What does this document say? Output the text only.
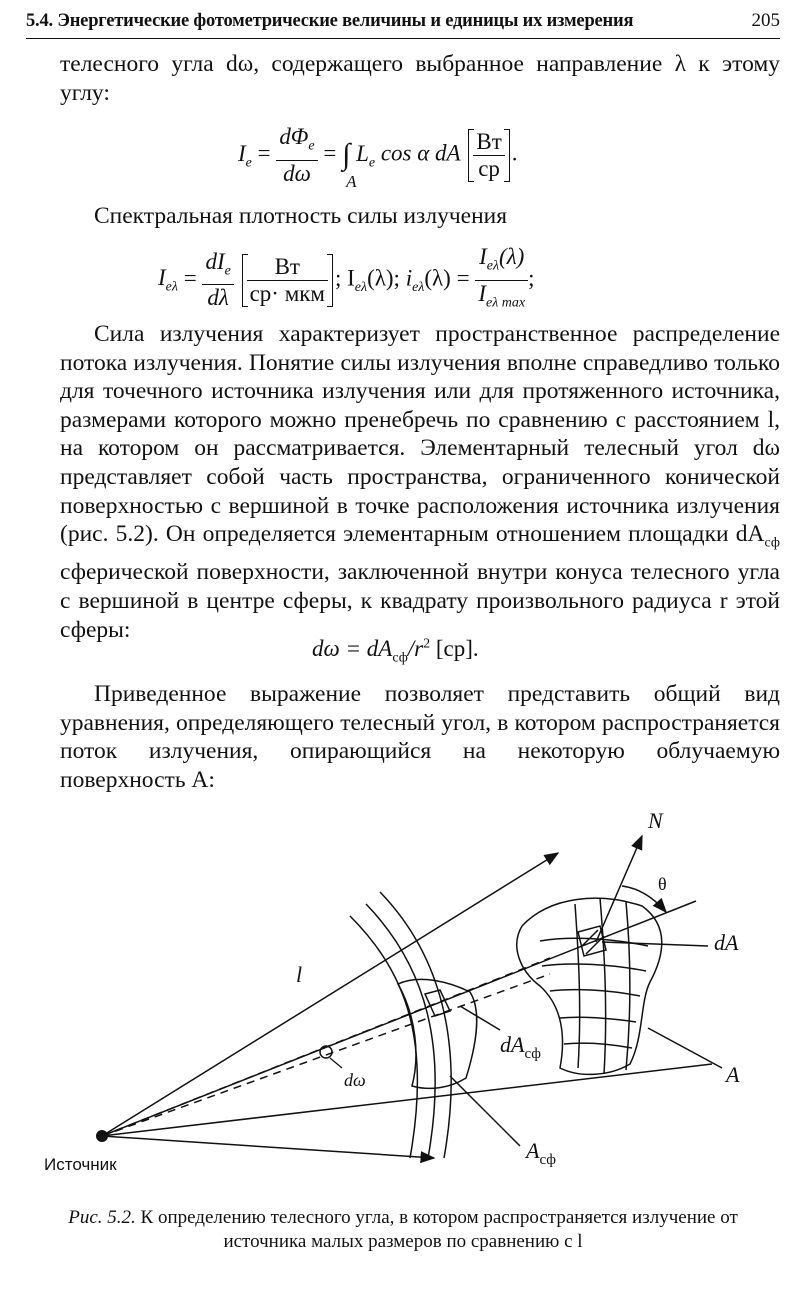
5.4. Энергетические фотометрические величины и единицы их измерения	205

телесного угла dω, содержащего выбранное направление λ к этому углу:

$I_e = \frac{d\Phi_e}{d\omega}$ = ∫
A
$L_e$ cos α dA $\frac{Вт}{ср}$ .

Спектральная плотность силы излучения

$I_{e\lambda} = \frac{dI_e}{d\lambda}$
$\frac{Вт}{\text{ср· мкм}}$ ; $I_{e\lambda}(\lambda)$; $i_{e\lambda}(\lambda) = \frac{I_{e\lambda}(\lambda)}{I_{e\lambda max}}$ ;

Сила излучения характеризует пространственное распределение потока излучения. Понятие силы излучения вполне справедливо только для точечного источника излучения или для протяженного источника, размерами которого можно пренебречь по сравнению с расстоянием l, на котором он рассматривается. Элементарный телесный угол dω представляет собой часть пространства, ограниченного конической поверхностью с вершиной в точке расположения источника излучения (рис. 5.2). Он определяется элементарным отношением площадки $dA_{сф}$ сферической поверхности, заключенной внутри конуса телесного угла с вершиной в центре сферы, к квадрату произвольного радиуса r этой сферы:

$d\omega = dA_{сф}/r^2$ [ср].

Приведенное выражение позволяет представить общий вид уравнения, определяющего телесный угол, в котором распространяется поток излучения, опирающийся на некоторую облучаемую поверхность A:

N
dA
l
$dA_{сф}$
dω	A
$A_{сф}$
θ
Источник
Рис. 5.2. К определению телесного угла, в котором распространяется излучение от источника малых размеров по сравнению с l
